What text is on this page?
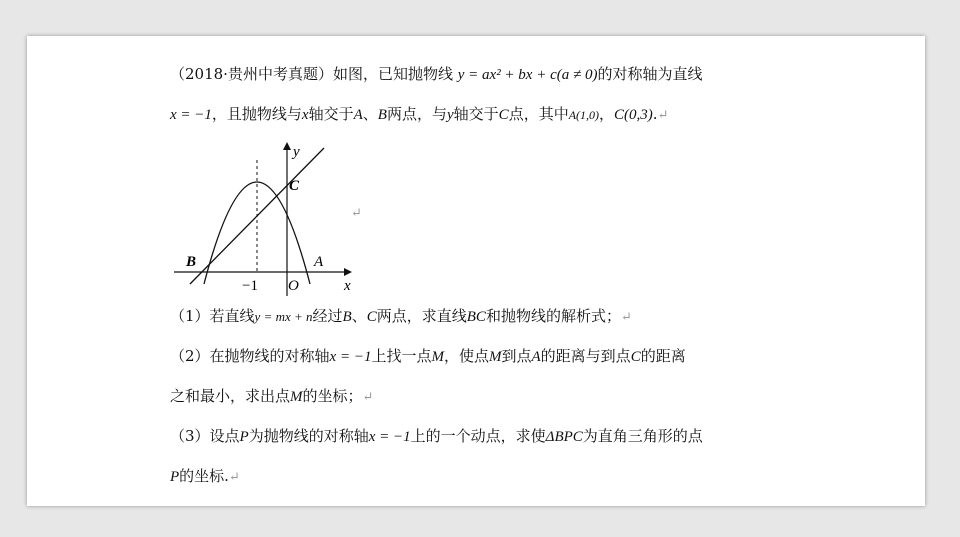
（2018·贵州中考真题）如图，已知抛物线 y = ax² + bx + c(a ≠ 0)的对称轴为直线
x = −1，且抛物线与x轴交于A、B两点，与y轴交于C点，其中A(1,0)，C(0,3).↵
y
x
C
B	A
O
−1
↵
（1）若直线y = mx + n经过B、C两点，求直线BC和抛物线的解析式；↵
（2）在抛物线的对称轴x = −1上找一点M，使点M到点A的距离与到点C的距离
之和最小，求出点M的坐标；↵
（3）设点P为抛物线的对称轴x = −1上的一个动点，求使ΔBPC为直角三角形的点
P的坐标.↵
